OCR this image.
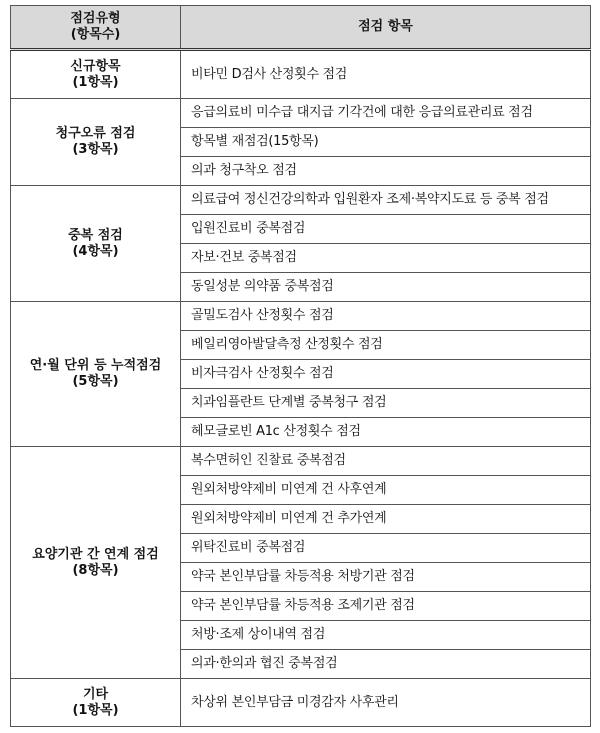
점검유형
(항목수)	점검 항목

신규항목
(1항목)	비타민 D검사 산정횟수 점검

청구오류 점검
(3항목)	응급의료비 미수급 대지급 기각건에 대한 응급의료관리료 점검
	항목별 재점검(15항목)
	의과 청구착오 점검

중복 점검
(4항목)	의료급여 정신건강의학과 입원환자 조제·복약지도료 등 중복 점검
	입원진료비 중복점검
	자보·건보 중복점검
	동일성분 의약품 중복점검

연·월 단위 등 누적점검
(5항목)	골밀도검사 산정횟수 점검
	베일리영아발달측정 산정횟수 점검
	비자극검사 산정횟수 점검
	치과임플란트 단계별 중복청구 점검
	헤모글로빈 A1c 산정횟수 점검

요양기관 간 연계 점검
(8항목)	복수면허인 진찰료 중복점검
	원외처방약제비 미연계 건 사후연계
	원외처방약제비 미연계 건 추가연계
	위탁진료비 중복점검
	약국 본인부담률 차등적용 처방기관 점검
	약국 본인부담률 차등적용 조제기관 점검
	처방·조제 상이내역 점검
	의과·한의과 협진 중복점검

기타
(1항목)	차상위 본인부담금 미경감자 사후관리
